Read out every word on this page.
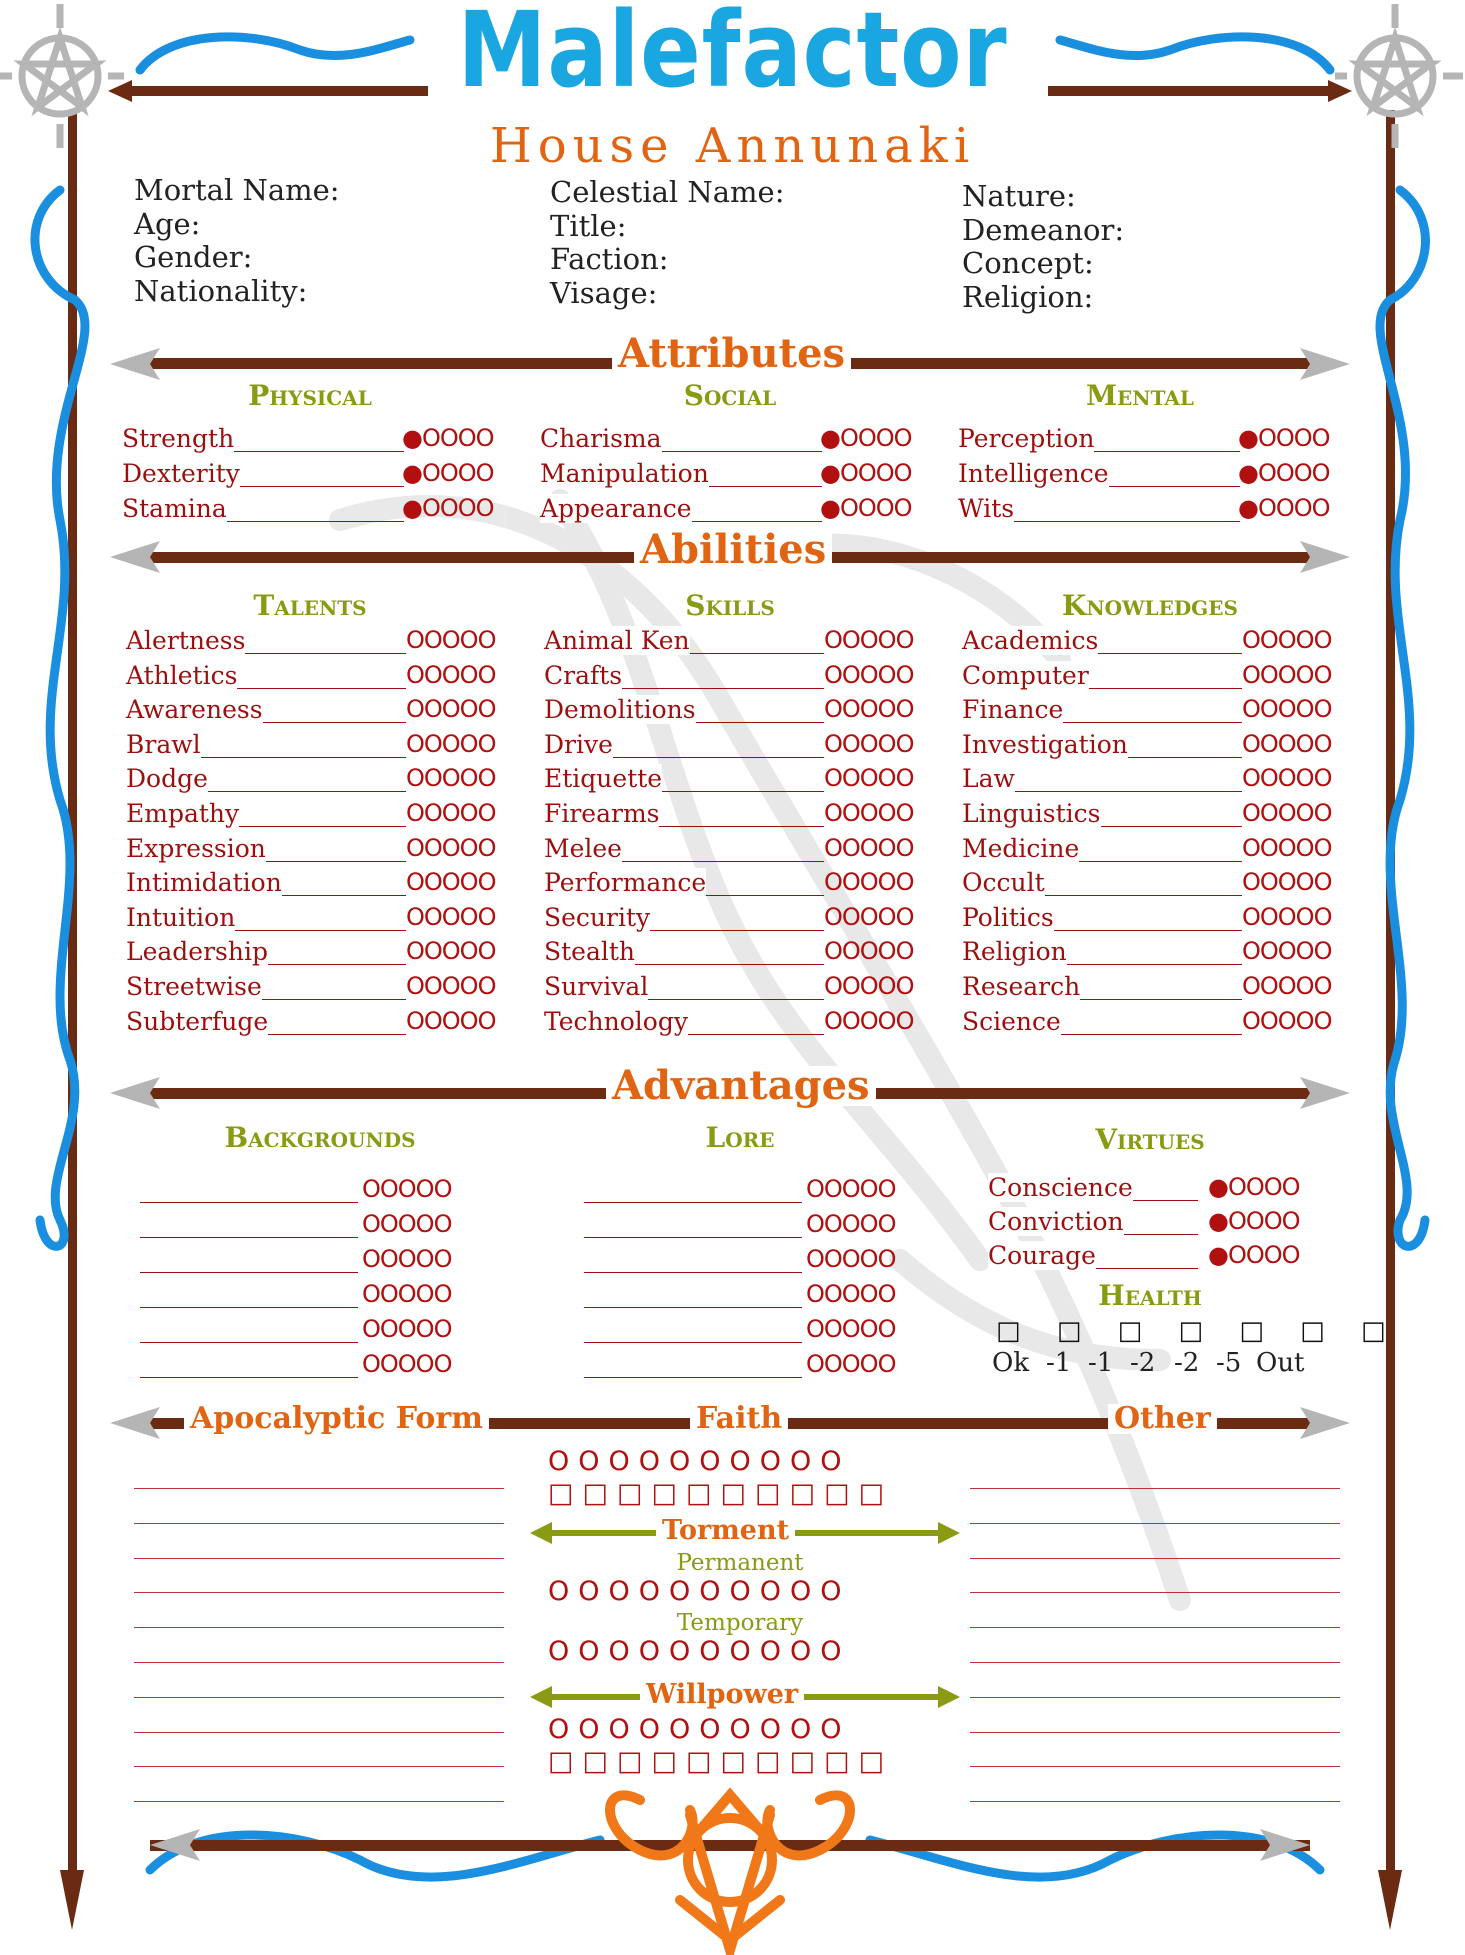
Malefactor
House Annunaki
Mortal Name:
Age:
Gender:
Nationality:
Celestial Name:
Title:
Faction:
Visage:
Nature:
Demeanor:
Concept:
Religion:
Attributes
Abilities
Advantages
Apocalyptic Form	Faith	Other
Torment
Willpower
Physical	Social	Mental
Strength	●OOOO
Dexterity	●OOOO
Stamina	●OOOO
Charisma	●OOOO
Manipulation	●OOOO
Appearance	●OOOO
Perception	●OOOO
Intelligence	●OOOO
Wits	●OOOO
Talents	Skills	Knowledges
Alertness	OOOOO
Athletics	OOOOO
Awareness	OOOOO
Brawl	OOOOO
Dodge	OOOOO
Empathy	OOOOO
Expression	OOOOO
Intimidation	OOOOO
Intuition	OOOOO
Leadership	OOOOO
Streetwise	OOOOO
Subterfuge	OOOOO
Animal Ken	OOOOO
Crafts	OOOOO
Demolitions	OOOOO
Drive	OOOOO
Etiquette	OOOOO
Firearms	OOOOO
Melee	OOOOO
Performance	OOOOO
Security	OOOOO
Stealth	OOOOO
Survival	OOOOO
Technology	OOOOO
Academics	OOOOO
Computer	OOOOO
Finance	OOOOO
Investigation	OOOOO
Law	OOOOO
Linguistics	OOOOO
Medicine	OOOOO
Occult	OOOOO
Politics	OOOOO
Religion	OOOOO
Research	OOOOO
Science	OOOOO
Backgrounds	Lore	Virtues
OOOOO
OOOOO
OOOOO
OOOOO
OOOOO
OOOOO
OOOOO
OOOOO
OOOOO
OOOOO
OOOOO
OOOOO
Conscience	●OOOO
Conviction	●OOOO
Courage	●OOOO
Health
□ □ □ □ □ □ □
Ok -1 -1 -2 -2 -5 Out
OOOOOOOOOO
□□□□□□□□□□
Permanent
OOOOOOOOOO
Temporary
OOOOOOOOOO
OOOOOOOOOO
□□□□□□□□□□
